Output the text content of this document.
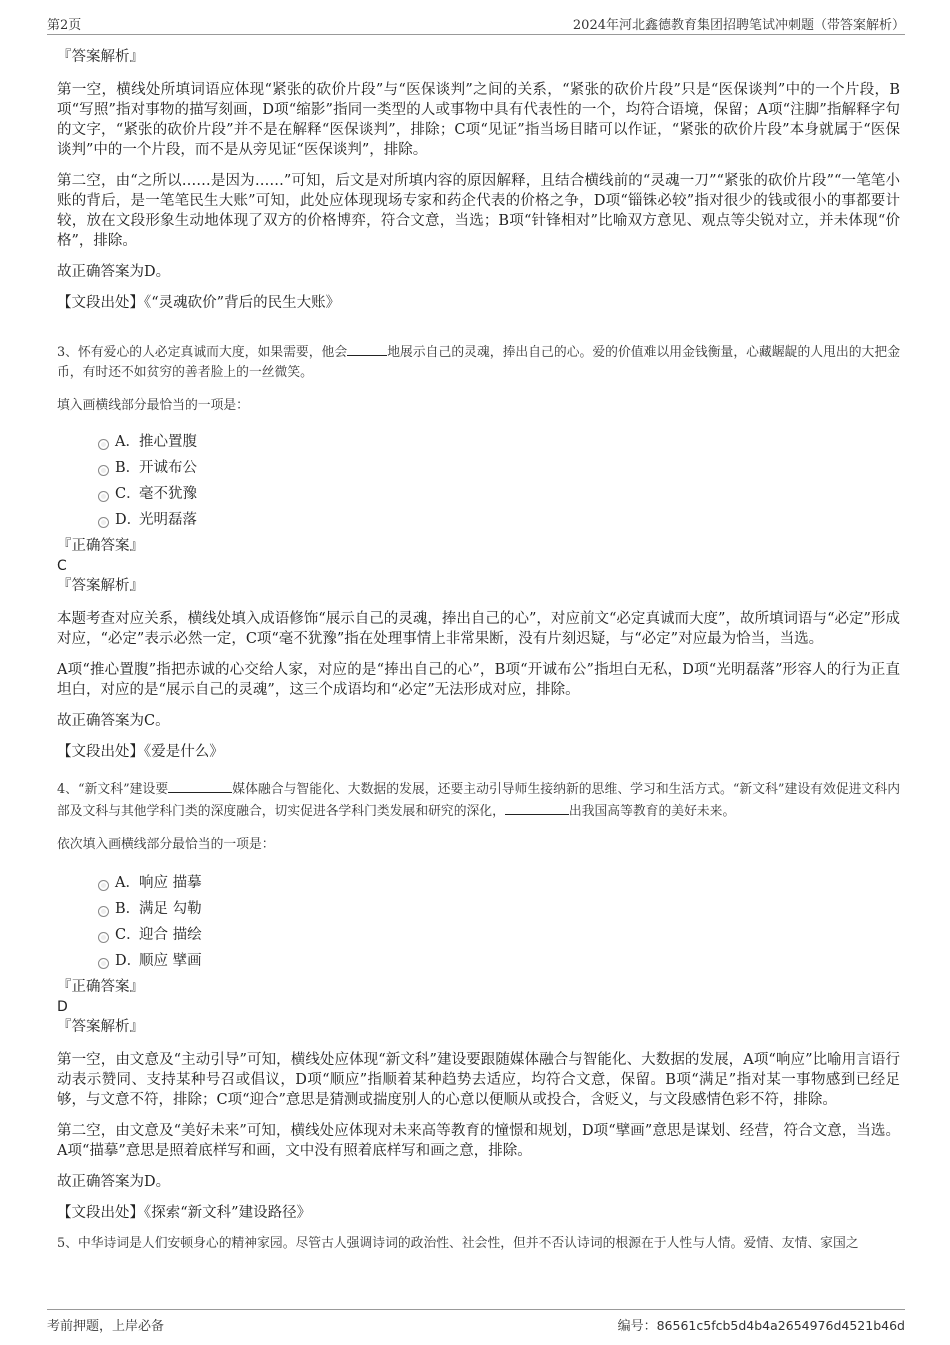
第2页	2024年河北鑫德教育集团招聘笔试冲刺题（带答案解析）
『答案解析』

第一空，横线处所填词语应体现“紧张的砍价片段”与“医保谈判”之间的关系，“紧张的砍价片段”只是“医保谈判”中的一个片段，B项“写照”指对事物的描写刻画，D项“缩影”指同一类型的人或事物中具有代表性的一个，均符合语境，保留；A项“注脚”指解释字句的文字，“紧张的砍价片段”并不是在解释“医保谈判”，排除；C项“见证”指当场目睹可以作证，“紧张的砍价片段”本身就属于“医保谈判”中的一个片段，而不是从旁见证“医保谈判”，排除。

第二空，由“之所以……是因为……”可知，后文是对所填内容的原因解释，且结合横线前的“灵魂一刀”“紧张的砍价片段”“一笔笔小账的背后，是一笔笔民生大账”可知，此处应体现现场专家和药企代表的价格之争，D项“锱铢必较”指对很少的钱或很小的事都要计较，放在文段形象生动地体现了双方的价格博弈，符合文意，当选；B项“针锋相对”比喻双方意见、观点等尖锐对立，并未体现“价格”，排除。

故正确答案为D。

【文段出处】《“灵魂砍价”背后的民生大账》

3、怀有爱心的人必定真诚而大度，如果需要，他会	地展示自己的灵魂，捧出自己的心。爱的价值难以用金钱衡量，心藏龌龊的人甩出的大把金币，有时还不如贫穷的善者脸上的一丝微笑。

填入画横线部分最恰当的一项是：

A． 推心置腹
B．
开诚布公
C．
毫不犹豫
D．
光明磊落
『正确答案』
C
『答案解析』

本题考查对应关系，横线处填入成语修饰“展示自己的灵魂，捧出自己的心”，对应前文“必定真诚而大度”，故所填词语与“必定”形成对应，“必定”表示必然一定，C项“毫不犹豫”指在处理事情上非常果断，没有片刻迟疑，与“必定”对应最为恰当，当选。

A项“推心置腹”指把赤诚的心交给人家，对应的是“捧出自己的心”，B项“开诚布公”指坦白无私，D项“光明磊落”形容人的行为正直坦白，对应的是“展示自己的灵魂”，这三个成语均和“必定”无法形成对应，排除。

故正确答案为C。

【文段出处】《爱是什么》

4、“新文科”建设要	媒体融合与智能化、大数据的发展，还要主动引导师生接纳新的思维、学习和生活方式。“新文科”建设有效促进文科内部及文科与其他学科门类的深度融合，切实促进各学科门类发展和研究的深化，	出我国高等教育的美好未来。

依次填入画横线部分最恰当的一项是：

A． 响应 描摹
B．
满足 勾勒
C．
迎合 描绘
D．
顺应 擘画
『正确答案』
D
『答案解析』

第一空，由文意及“主动引导”可知，横线处应体现“新文科”建设要跟随媒体融合与智能化、大数据的发展，A项“响应”比喻用言语行动表示赞同、支持某种号召或倡议，D项“顺应”指顺着某种趋势去适应，均符合文意，保留。B项“满足”指对某一事物感到已经足够，与文意不符，排除；C项“迎合”意思是猜测或揣度别人的心意以便顺从或投合，含贬义，与文段感情色彩不符，排除。

第二空，由文意及“美好未来”可知，横线处应体现对未来高等教育的憧憬和规划，D项“擘画”意思是谋划、经营，符合文意，当选。A项“描摹”意思是照着底样写和画，文中没有照着底样写和画之意，排除。

故正确答案为D。

【文段出处】《探索“新文科”建设路径》

5、中华诗词是人们安顿身心的精神家园。尽管古人强调诗词的政治性、社会性，但并不否认诗词的根源在于人性与人情。爱情、友情、家国之

考前押题，上岸必备	编号：86561c5fcb5d4b4a2654976d4521b46d
